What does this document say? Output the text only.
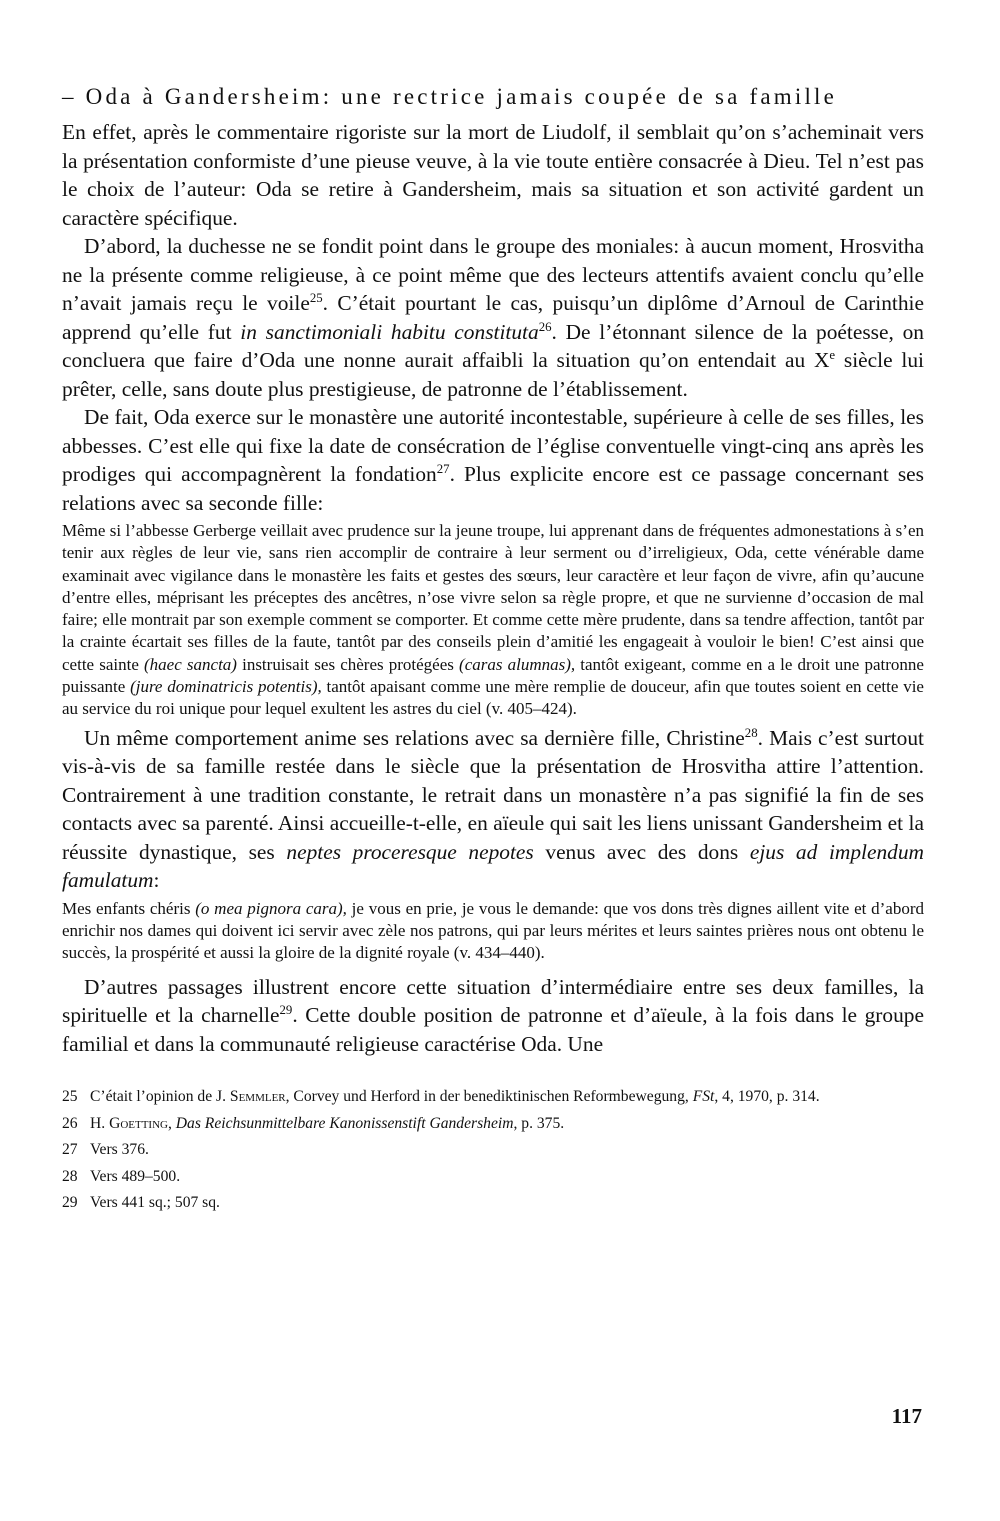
– Oda à Gandersheim: une rectrice jamais coupée de sa famille

En effet, après le commentaire rigoriste sur la mort de Liudolf, il semblait qu’on s’acheminait vers la présentation conformiste d’une pieuse veuve, à la vie toute entière consacrée à Dieu. Tel n’est pas le choix de l’auteur: Oda se retire à Gandersheim, mais sa situation et son activité gardent un caractère spécifique.

D’abord, la duchesse ne se fondit point dans le groupe des moniales: à aucun moment, Hrosvitha ne la présente comme religieuse, à ce point même que des lecteurs attentifs avaient conclu qu’elle n’avait jamais reçu le voile$^{25}$. C’était pourtant le cas, puisqu’un diplôme d’Arnoul de Carinthie apprend qu’elle fut in sanctimoniali habitu constituta$^{26}$. De l’étonnant silence de la poétesse, on concluera que faire d’Oda une nonne aurait affaibli la situation qu’on entendait au Xe siècle lui prêter, celle, sans doute plus prestigieuse, de patronne de l’établissement.

De fait, Oda exerce sur le monastère une autorité incontestable, supérieure à celle de ses filles, les abbesses. C’est elle qui fixe la date de consécration de l’église conventuelle vingt-cinq ans après les prodiges qui accompagnèrent la fondation$^{27}$. Plus explicite encore est ce passage concernant ses relations avec sa seconde fille:

Même si l’abbesse Gerberge veillait avec prudence sur la jeune troupe, lui apprenant dans de fréquentes admonestations à s’en tenir aux règles de leur vie, sans rien accomplir de contraire à leur serment ou d’irreligieux, Oda, cette vénérable dame examinait avec vigilance dans le monastère les faits et gestes des sœurs, leur caractère et leur façon de vivre, afin qu’aucune d’entre elles, méprisant les préceptes des ancêtres, n’ose vivre selon sa règle propre, et que ne survienne d’occasion de mal faire; elle montrait par son exemple comment se comporter. Et comme cette mère prudente, dans sa tendre affection, tantôt par la crainte écartait ses filles de la faute, tantôt par des conseils plein d’amitié les engageait à vouloir le bien! C’est ainsi que cette sainte (haec sancta) instruisait ses chères protégées (caras alumnas), tantôt exigeant, comme en a le droit une patronne puissante (jure dominatricis potentis), tantôt apaisant comme une mère remplie de douceur, afin que toutes soient en cette vie au service du roi unique pour lequel exultent les astres du ciel (v. 405–424).

Un même comportement anime ses relations avec sa dernière fille, Christine$^{28}$. Mais c’est surtout vis-à-vis de sa famille restée dans le siècle que la présentation de Hrosvitha attire l’attention. Contrairement à une tradition constante, le retrait dans un monastère n’a pas signifié la fin de ses contacts avec sa parenté. Ainsi accueille-t-elle, en aïeule qui sait les liens unissant Gandersheim et la réussite dynastique, ses neptes proceresque nepotes venus avec des dons ejus ad implendum famulatum:

Mes enfants chéris (o mea pignora cara), je vous en prie, je vous le demande: que vos dons très dignes aillent vite et d’abord enrichir nos dames qui doivent ici servir avec zèle nos patrons, qui par leurs mérites et leurs saintes prières nous ont obtenu le succès, la prospérité et aussi la gloire de la dignité royale (v. 434–440).

D’autres passages illustrent encore cette situation d’intermédiaire entre ses deux familles, la spirituelle et la charnelle$^{29}$. Cette double position de patronne et d’aïeule, à la fois dans le groupe familial et dans la communauté religieuse caractérise Oda. Une

25 C’était l’opinion de J. Semmler, Corvey und Herford in der benediktinischen Reformbewegung, FSt, 4, 1970, p. 314.
26 H. Goetting, Das Reichsunmittelbare Kanonissenstift Gandersheim, p. 375.
27 Vers 376.
28 Vers 489–500.
29 Vers 441 sq.; 507 sq.
117
